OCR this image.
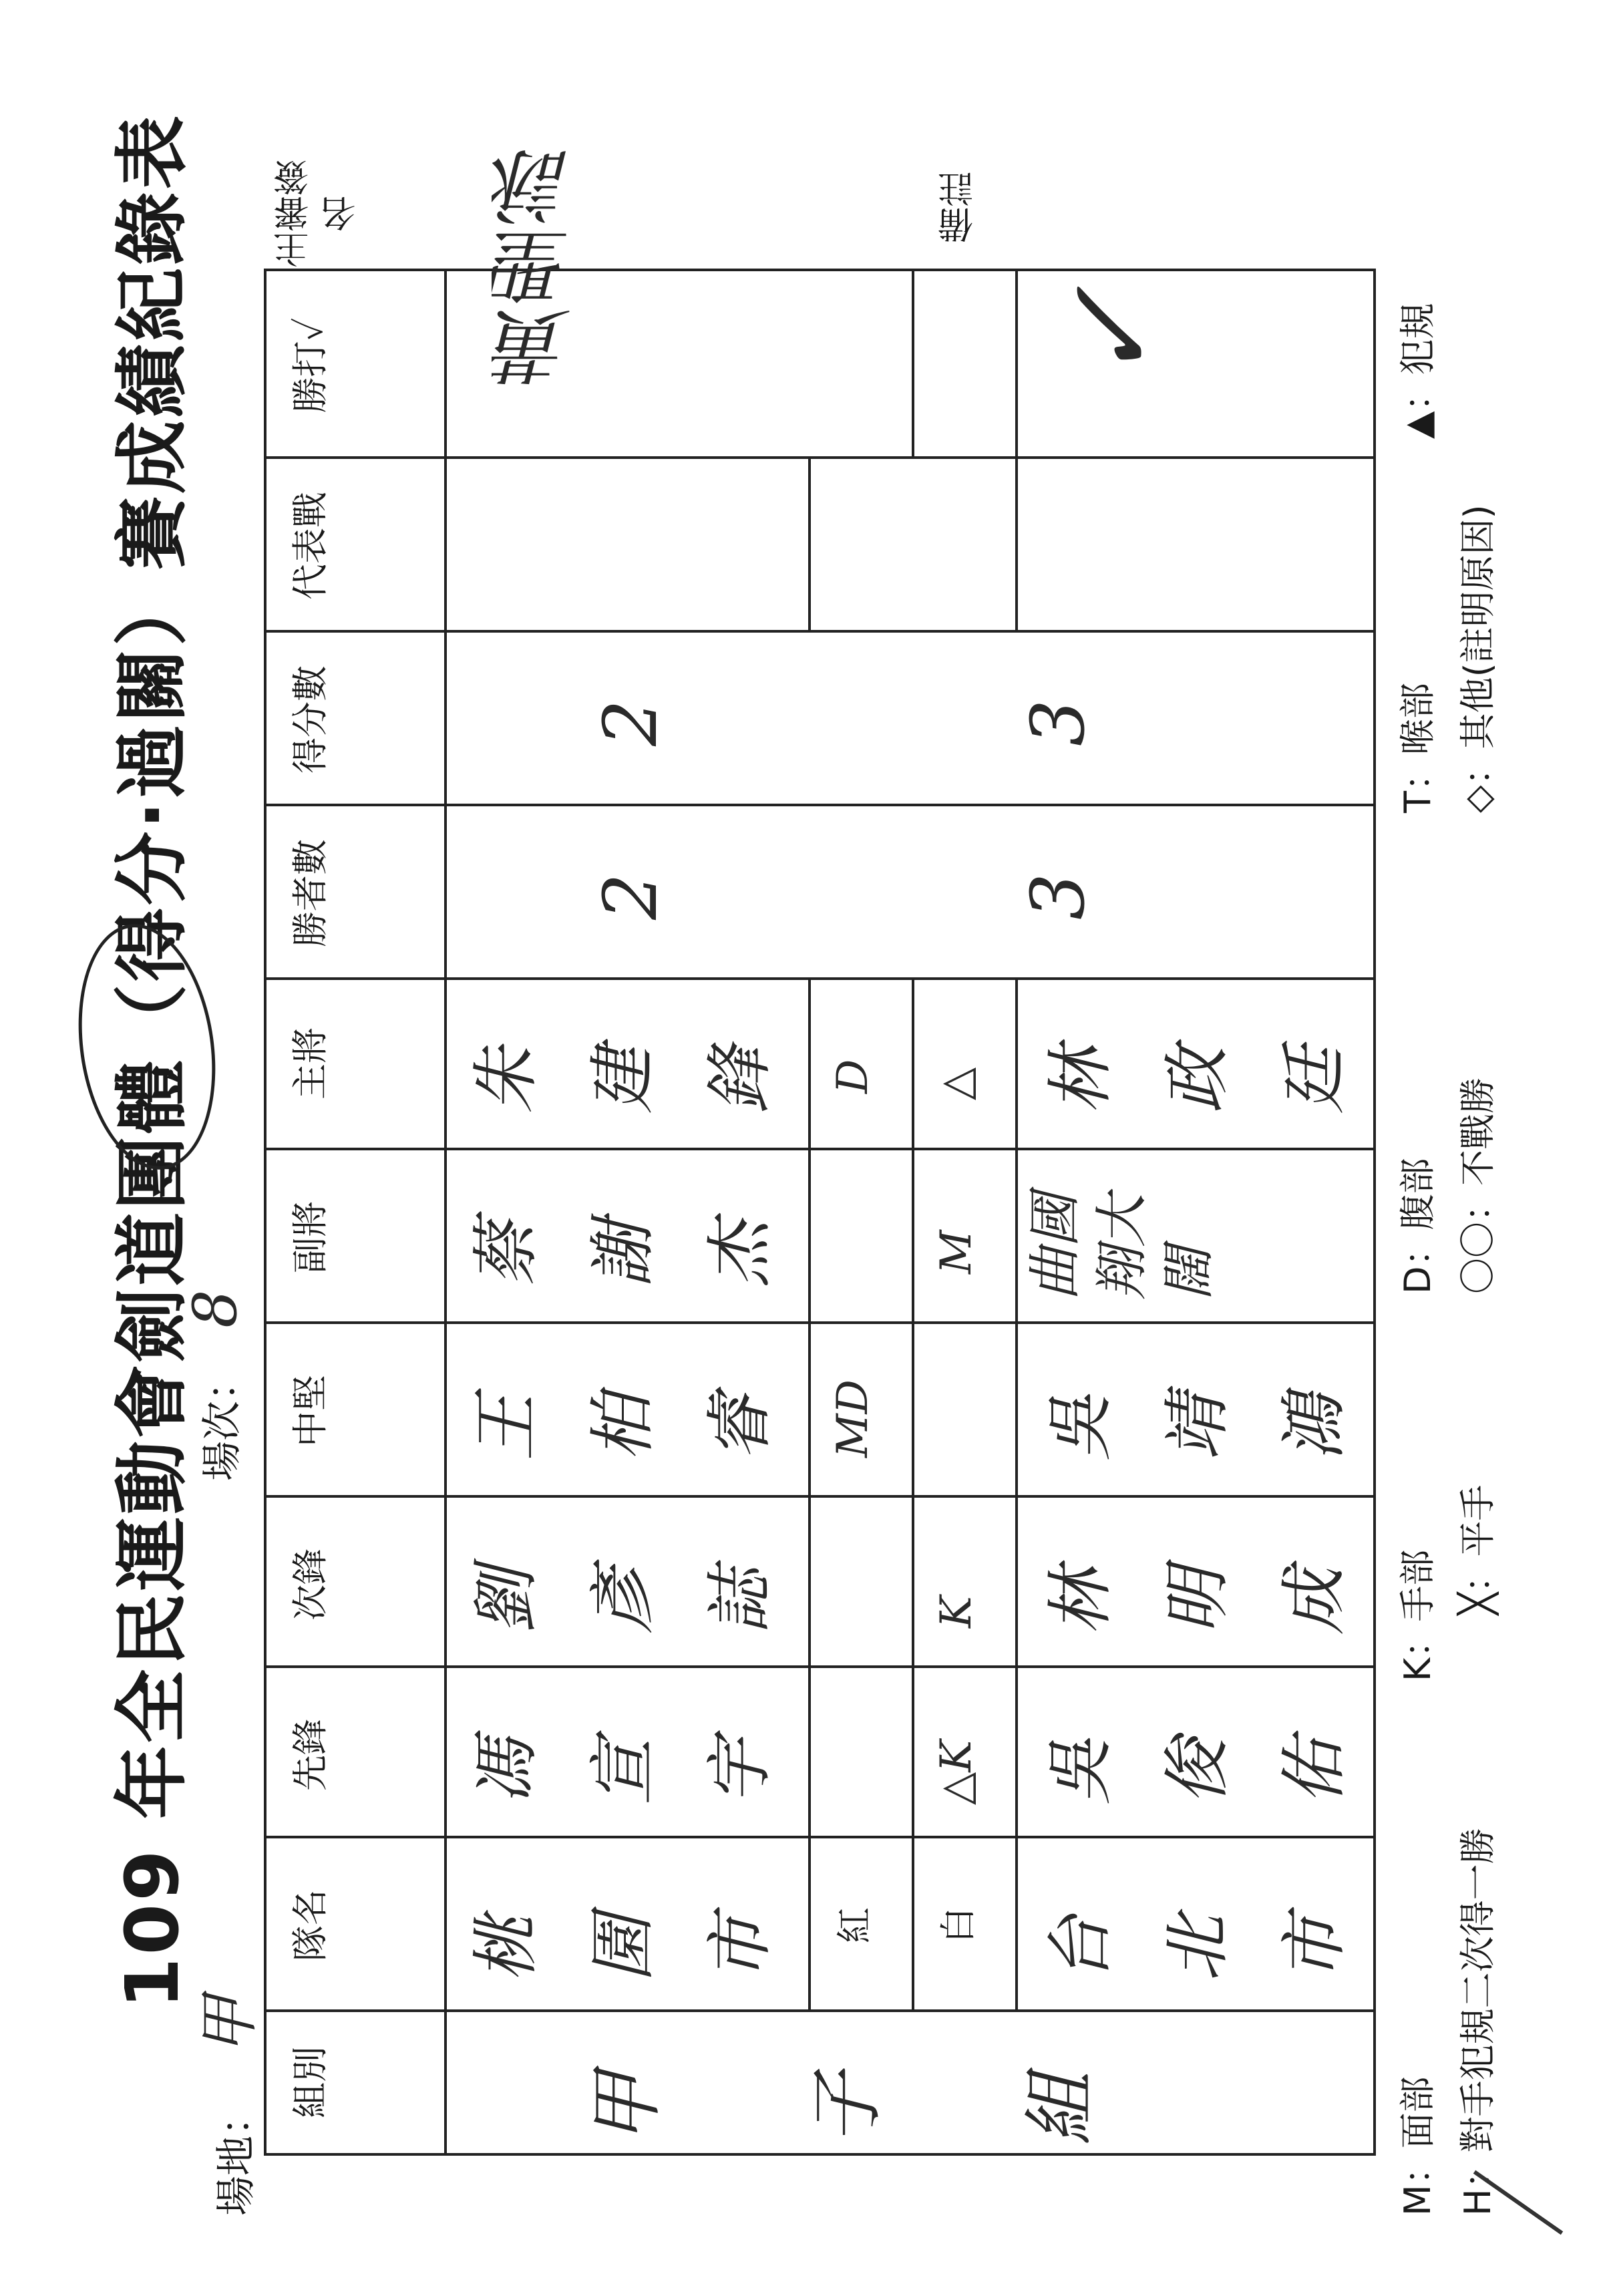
109 年全民運動會劍道團體（得分·過關）賽成績紀錄表
場地： 甲
場次： 8
組別
隊名
先鋒
次鋒
中堅
副將
主將
勝者數
得分數
代表戰
勝打✓
甲 子 組
桃園市
馮宣宇
劉彥誌
王柏睿
蔡謝杰
朱建鋒
2
2
紅
MD
D
白
△K
K
M
△
台北市
吳俊佑
林明成
吳靖鴻
曲國翔大闊
林政廷
3
3
✓
M：面部
K：手部
D：腹部
T：喉部
▲：犯規
H：對手犯規二次得一勝
╳：平手
〇〇：不戰勝
◇：其他(註明原因)
主審簽名	黃聖詠	備註
